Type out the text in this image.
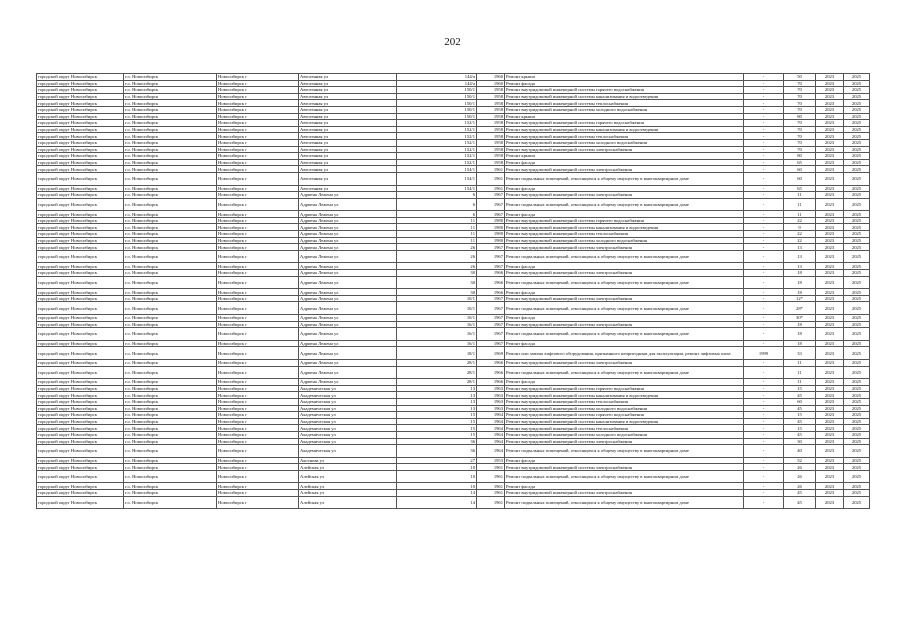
202
городской округ Новосибирск	г.о. Новосибирск	Новосибирск г	Автогенная ул	144/а	1960	Ремонт крыши	-	50	2023	2025
городской округ Новосибирск	г.о. Новосибирск	Новосибирск г	Автогенная ул	144/а	1960	Ремонт фасада	-	70	2023	2025
городской округ Новосибирск	г.о. Новосибирск	Новосибирск г	Автогенная ул	150/1	1958	Ремонт внутридомовой инженерной системы горячего водоснабжения	-	70	2023	2025
городской округ Новосибирск	г.о. Новосибирск	Новосибирск г	Автогенная ул	150/1	1958	Ремонт внутридомовой инженерной системы канализования и водоотведения	-	70	2023	2025
городской округ Новосибирск	г.о. Новосибирск	Новосибирск г	Автогенная ул	150/1	1958	Ремонт внутридомовой инженерной системы теплоснабжения	-	70	2023	2025
городской округ Новосибирск	г.о. Новосибирск	Новосибирск г	Автогенная ул	150/1	1958	Ремонт внутридомовой инженерной системы холодного водоснабжения	-	70	2023	2025
городской округ Новосибирск	г.о. Новосибирск	Новосибирск г	Автогенная ул	150/1	1958	Ремонт крыши	-	80	2023	2025
городской округ Новосибирск	г.о. Новосибирск	Новосибирск г	Автогенная ул	152/1	1958	Ремонт внутридомовой инженерной системы горячего водоснабжения	-	70	2023	2025
городской округ Новосибирск	г.о. Новосибирск	Новосибирск г	Автогенная ул	152/1	1958	Ремонт внутридомовой инженерной системы канализования и водоотведения	-	70	2023	2025
городской округ Новосибирск	г.о. Новосибирск	Новосибирск г	Автогенная ул	152/1	1958	Ремонт внутридомовой инженерной системы теплоснабжения	-	70	2023	2025
городской округ Новосибирск	г.о. Новосибирск	Новосибирск г	Автогенная ул	152/1	1958	Ремонт внутридомовой инженерной системы холодного водоснабжения	-	70	2023	2025
городской округ Новосибирск	г.о. Новосибирск	Новосибирск г	Автогенная ул	152/1	1958	Ремонт внутридомовой инженерной системы электроснабжения	-	70	2023	2025
городской округ Новосибирск	г.о. Новосибирск	Новосибирск г	Автогенная ул	152/1	1958	Ремонт крыши	-	80	2023	2025
городской округ Новосибирск	г.о. Новосибирск	Новосибирск г	Автогенная ул	152/1	1958	Ремонт фасада	-	65	2023	2025
городской округ Новосибирск	г.о. Новосибирск	Новосибирск г	Автогенная ул	154/1	1961	Ремонт внутридомовой инженерной системы электроснабжения	-	60	2023	2025
городской округ Новосибирск	г.о. Новосибирск	Новосибирск г	Автогенная ул	154/1	1961	Ремонт подвальных помещений, относящихся к общему имуществу в многоквартирном доме	-	60	2023	2025
городской округ Новосибирск	г.о. Новосибирск	Новосибирск г	Автогенная ул	154/1	1961	Ремонт фасада	-	65	2023	2025
городской округ Новосибирск	г.о. Новосибирск	Новосибирск г	Адриена Лежена ул	6	1967	Ремонт внутридомовой инженерной системы электроснабжения	-	11	2023	2025
городской округ Новосибирск	г.о. Новосибирск	Новосибирск г	Адриена Лежена ул	6	1967	Ремонт подвальных помещений, относящихся к общему имуществу в многоквартирном доме	-	11	2023	2025
городской округ Новосибирск	г.о. Новосибирск	Новосибирск г	Адриена Лежена ул	6	1967	Ремонт фасада	-	11	2023	2025
городской округ Новосибирск	г.о. Новосибирск	Новосибирск г	Адриена Лежена ул	11	1980	Ремонт внутридомовой инженерной системы горячего водоснабжения	-	22	2023	2025
городской округ Новосибирск	г.о. Новосибирск	Новосибирск г	Адриена Лежена ул	11	1980	Ремонт внутридомовой инженерной системы канализования и водоотведения	-	9	2023	2025
городской округ Новосибирск	г.о. Новосибирск	Новосибирск г	Адриена Лежена ул	11	1980	Ремонт внутридомовой инженерной системы теплоснабжения	-	22	2023	2025
городской округ Новосибирск	г.о. Новосибирск	Новосибирск г	Адриена Лежена ул	11	1980	Ремонт внутридомовой инженерной системы холодного водоснабжения	-	22	2023	2025
городской округ Новосибирск	г.о. Новосибирск	Новосибирск г	Адриена Лежена ул	26	1967	Ремонт внутридомовой инженерной системы электроснабжения	-	13	2023	2025
городской округ Новосибирск	г.о. Новосибирск	Новосибирск г	Адриена Лежена ул	26	1967	Ремонт подвальных помещений, относящихся к общему имуществу в многоквартирном доме	-	13	2023	2025
городской округ Новосибирск	г.о. Новосибирск	Новосибирск г	Адриена Лежена ул	26	1967	Ремонт фасада	-	13	2023	2025
городской округ Новосибирск	г.о. Новосибирск	Новосибирск г	Адриена Лежена ул	30	1966	Ремонт внутридомовой инженерной системы электроснабжения	-	18	2023	2025
городской округ Новосибирск	г.о. Новосибирск	Новосибирск г	Адриена Лежена ул	30	1966	Ремонт подвальных помещений, относящихся к общему имуществу в многоквартирном доме	-	18	2023	2025
городской округ Новосибирск	г.о. Новосибирск	Новосибирск г	Адриена Лежена ул	30	1966	Ремонт фасада	-	18	2023	2025
городской округ Новосибирск	г.о. Новосибирск	Новосибирск г	Адриена Лежена ул	10/1	1967	Ремонт внутридомовой инженерной системы электроснабжения	-	12*	2023	2025
городской округ Новосибирск	г.о. Новосибирск	Новосибирск г	Адриена Лежена ул	10/1	1967	Ремонт подвальных помещений, относящихся к общему имуществу в многоквартирном доме	-	28*	2023	2025
городской округ Новосибирск	г.о. Новосибирск	Новосибирск г	Адриена Лежена ул	10/1	1967	Ремонт фасада	-	30*	2023	2025
городской округ Новосибирск	г.о. Новосибирск	Новосибирск г	Адриена Лежена ул	16/1	1967	Ремонт внутридомовой инженерной системы электроснабжения	-	18	2023	2025
городской округ Новосибирск	г.о. Новосибирск	Новосибирск г	Адриена Лежена ул	16/1	1967	Ремонт подвальных помещений, относящихся к общему имуществу в многоквартирном доме	-	18	2023	2025
городской округ Новосибирск	г.о. Новосибирск	Новосибирск г	Адриена Лежена ул	16/1	1967	Ремонт фасада	-	18	2023	2025
городской округ Новосибирск	г.о. Новосибирск	Новосибирск г	Адриена Лежена ул	18/1	1969	Ремонт или замена лифтового оборудования, признанного непригодным для эксплуатации, ремонт лифтовых шахт	1999	33	2023	2025
городской округ Новосибирск	г.о. Новосибирск	Новосибирск г	Адриена Лежена ул	28/1	1966	Ремонт внутридомовой инженерной системы электроснабжения	-	11	2023	2025
городской округ Новосибирск	г.о. Новосибирск	Новосибирск г	Адриена Лежена ул	28/1	1966	Ремонт подвальных помещений, относящихся к общему имуществу в многоквартирном доме	-	11	2023	2025
городской округ Новосибирск	г.о. Новосибирск	Новосибирск г	Адриена Лежена ул	28/1	1966	Ремонт фасада	-	11	2023	2025
городской округ Новосибирск	г.о. Новосибирск	Новосибирск г	Академическая ул	13	1963	Ремонт внутридомовой инженерной системы горячего водоснабжения	-	15	2023	2025
городской округ Новосибирск	г.о. Новосибирск	Новосибирск г	Академическая ул	13	1963	Ремонт внутридомовой инженерной системы канализования и водоотведения	-	45	2023	2025
городской округ Новосибирск	г.о. Новосибирск	Новосибирск г	Академическая ул	13	1963	Ремонт внутридомовой инженерной системы теплоснабжения	-	60	2023	2025
городской округ Новосибирск	г.о. Новосибирск	Новосибирск г	Академическая ул	13	1963	Ремонт внутридомовой инженерной системы холодного водоснабжения	-	45	2023	2025
городской округ Новосибирск	г.о. Новосибирск	Новосибирск г	Академическая ул	15	1964	Ремонт внутридомовой инженерной системы горячего водоснабжения	-	15	2023	2025
городской округ Новосибирск	г.о. Новосибирск	Новосибирск г	Академическая ул	15	1964	Ремонт внутридомовой инженерной системы канализования и водоотведения	-	45	2023	2025
городской округ Новосибирск	г.о. Новосибирск	Новосибирск г	Академическая ул	15	1964	Ремонт внутридомовой инженерной системы теплоснабжения	-	15	2023	2025
городской округ Новосибирск	г.о. Новосибирск	Новосибирск г	Академическая ул	15	1964	Ремонт внутридомовой инженерной системы холодного водоснабжения	-	45	2023	2025
городской округ Новосибирск	г.о. Новосибирск	Новосибирск г	Академическая ул	36	1964	Ремонт внутридомовой инженерной системы электроснабжения	-	30	2023	2025
городской округ Новосибирск	г.о. Новосибирск	Новосибирск г	Академическая ул	36	1964	Ремонт подвальных помещений, относящихся к общему имуществу в многоквартирном доме	-	40	2023	2025
городской округ Новосибирск	г.о. Новосибирск	Новосибирск г	Аксенова ул	27	1953	Ремонт фасада	-	52	2023	2025
городской округ Новосибирск	г.о. Новосибирск	Новосибирск г	Алейская ул	10	1961	Ремонт внутридомовой инженерной системы электроснабжения	-	26	2023	2025
городской округ Новосибирск	г.о. Новосибирск	Новосибирск г	Алейская ул	10	1961	Ремонт подвальных помещений, относящихся к общему имуществу в многоквартирном доме	-	26	2023	2025
городской округ Новосибирск	г.о. Новосибирск	Новосибирск г	Алейская ул	10	1961	Ремонт фасада	-	26	2023	2025
городской округ Новосибирск	г.о. Новосибирск	Новосибирск г	Алейская ул	14	1961	Ремонт внутридомовой инженерной системы электроснабжения	-	45	2023	2025
городской округ Новосибирск	г.о. Новосибирск	Новосибирск г	Алейская ул	14	1961	Ремонт подвальных помещений, относящихся к общему имуществу в многоквартирном доме	-	45	2023	2025
